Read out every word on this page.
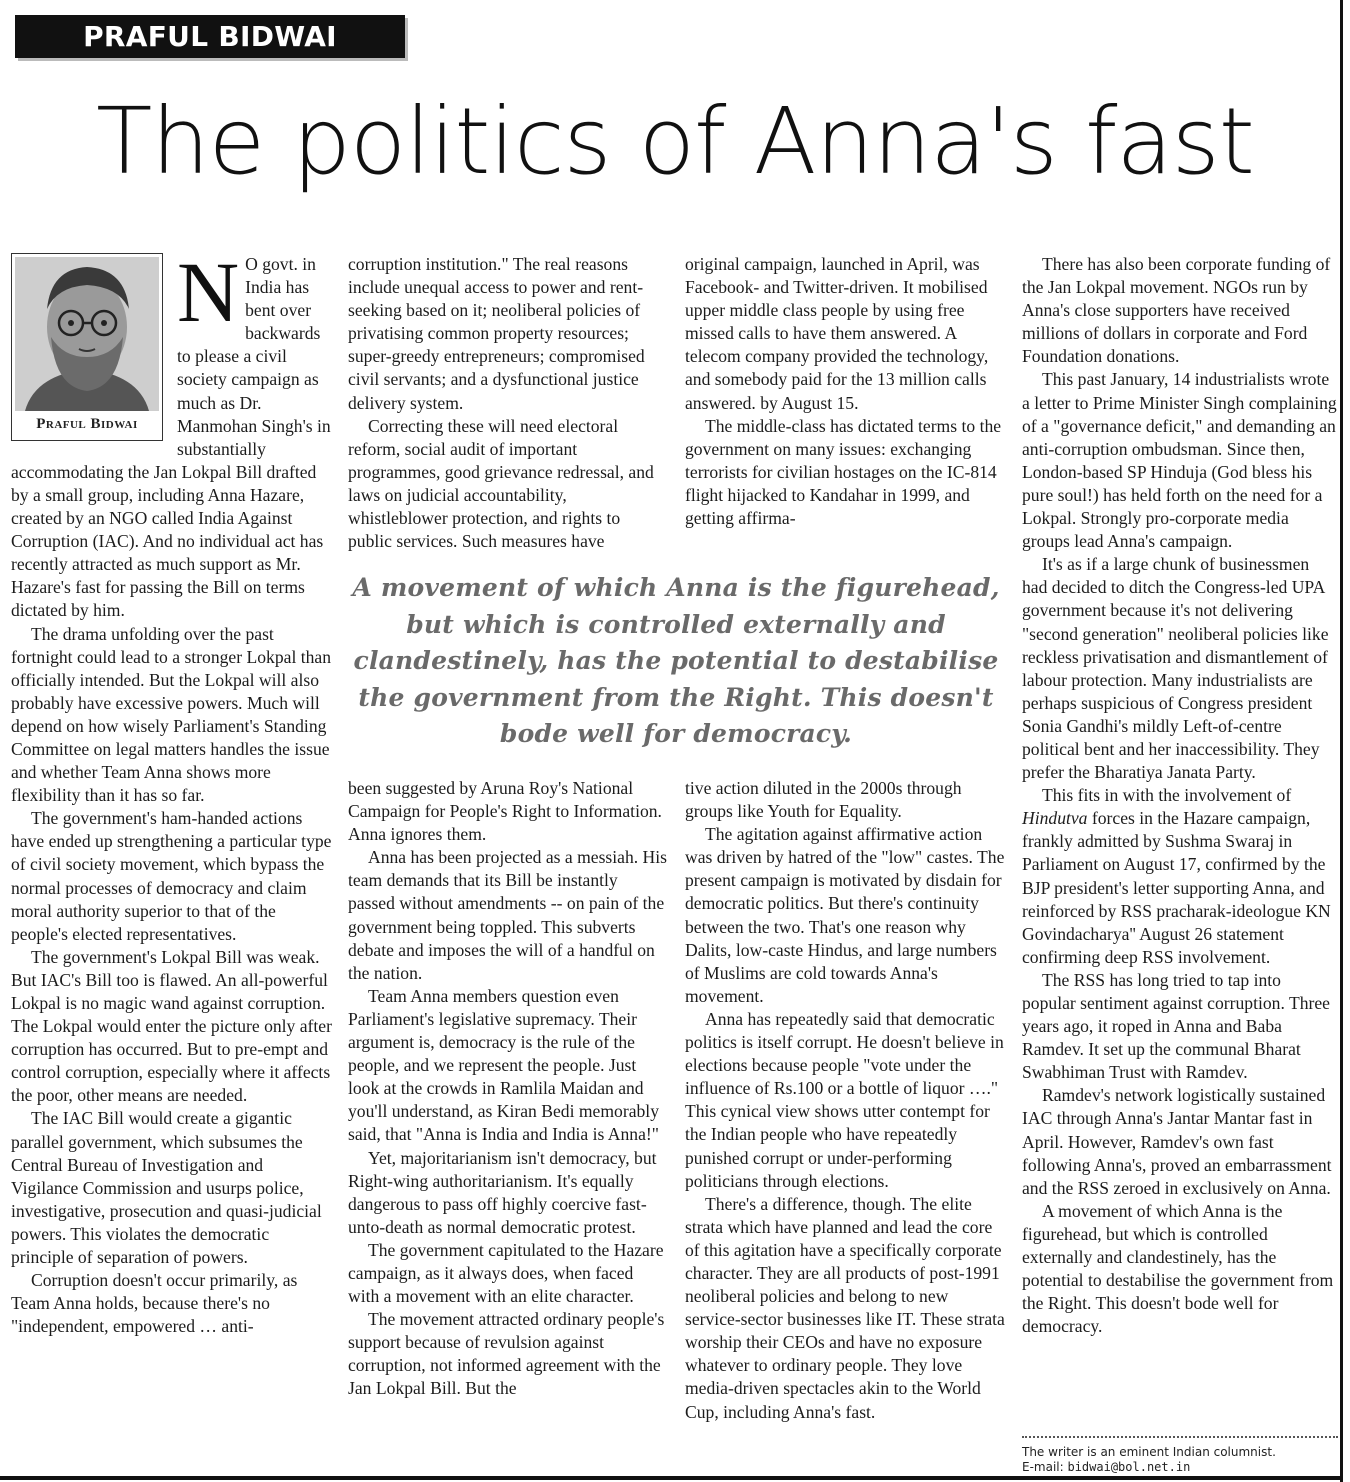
PRAFUL BIDWAI COLUMN
The politics of Anna's fast
Praful Bidwai
N O govt. in India has bent over backwards to please a civil society campaign as much as Dr. Manmohan Singh's in substantially accommodating the Jan Lokpal Bill drafted by a small group, including Anna Hazare, created by an NGO called India Against Corruption (IAC). And no individual act has recently attracted as much support as Mr. Hazare's fast for passing the Bill on terms dictated by him.

The drama unfolding over the past fortnight could lead to a stronger Lokpal than officially intended. But the Lokpal will also probably have excessive powers. Much will depend on how wisely Parliament's Standing Committee on legal matters handles the issue and whether Team Anna shows more flexibility than it has so far.

The government's ham-handed actions have ended up strengthening a particular type of civil society movement, which bypass the normal processes of democracy and claim moral authority superior to that of the people's elected representatives.

The government's Lokpal Bill was weak. But IAC's Bill too is flawed. An all-powerful Lokpal is no magic wand against corruption. The Lokpal would enter the picture only after corruption has occurred. But to pre-empt and control corruption, especially where it affects the poor, other means are needed.

The IAC Bill would create a gigantic parallel government, which subsumes the Central Bureau of Investigation and Vigilance Commission and usurps police, investigative, prosecution and quasi-judicial powers. This violates the democratic principle of separation of powers.

Corruption doesn't occur primarily, as Team Anna holds, because there's no "independent, empowered … anti-

corruption institution." The real reasons include unequal access to power and rent-seeking based on it; neoliberal policies of privatising common property resources; super-greedy entrepreneurs; compromised civil servants; and a dysfunctional justice delivery system.

Correcting these will need electoral reform, social audit of important programmes, good grievance redressal, and laws on judicial accountability, whistleblower protection, and rights to public services. Such measures have

original campaign, launched in April, was Facebook- and Twitter-driven. It mobilised upper middle class people by using free missed calls to have them answered. A telecom company provided the technology, and somebody paid for the 13 million calls answered. by August 15.

The middle-class has dictated terms to the government on many issues: exchanging terrorists for civilian hostages on the IC-814 flight hijacked to Kandahar in 1999, and getting affirma-

A movement of which Anna is the figurehead, but which is controlled externally and clandestinely, has the potential to destabilise the government from the Right. This doesn't bode well for democracy.

been suggested by Aruna Roy's National Campaign for People's Right to Information. Anna ignores them.

Anna has been projected as a messiah. His team demands that its Bill be instantly passed without amendments -- on pain of the government being toppled. This subverts debate and imposes the will of a handful on the nation.

Team Anna members question even Parliament's legislative supremacy. Their argument is, democracy is the rule of the people, and we represent the people. Just look at the crowds in Ramlila Maidan and you'll understand, as Kiran Bedi memorably said, that "Anna is India and India is Anna!"

Yet, majoritarianism isn't democracy, but Right-wing authoritarianism. It's equally dangerous to pass off highly coercive fast-unto-death as normal democratic protest.

The government capitulated to the Hazare campaign, as it always does, when faced with a movement with an elite character.

The movement attracted ordinary people's support because of revulsion against corruption, not informed agreement with the Jan Lokpal Bill. But the

tive action diluted in the 2000s through groups like Youth for Equality.

The agitation against affirmative action was driven by hatred of the "low" castes. The present campaign is motivated by disdain for democratic politics. But there's continuity between the two. That's one reason why Dalits, low-caste Hindus, and large numbers of Muslims are cold towards Anna's movement.

Anna has repeatedly said that democratic politics is itself corrupt. He doesn't believe in elections because people "vote under the influence of Rs.100 or a bottle of liquor …." This cynical view shows utter contempt for the Indian people who have repeatedly punished corrupt or under-performing politicians through elections.

There's a difference, though. The elite strata which have planned and lead the core of this agitation have a specifically corporate character. They are all products of post-1991 neoliberal policies and belong to new service-sector businesses like IT. These strata worship their CEOs and have no exposure whatever to ordinary people. They love media-driven spectacles akin to the World Cup, including Anna's fast.

There has also been corporate funding of the Jan Lokpal movement. NGOs run by Anna's close supporters have received millions of dollars in corporate and Ford Foundation donations.

This past January, 14 industrialists wrote a letter to Prime Minister Singh complaining of a "governance deficit," and demanding an anti-corruption ombudsman. Since then, London-based SP Hinduja (God bless his pure soul!) has held forth on the need for a Lokpal. Strongly pro-corporate media groups lead Anna's campaign.

It's as if a large chunk of businessmen had decided to ditch the Congress-led UPA government because it's not delivering "second generation" neoliberal policies like reckless privatisation and dismantlement of labour protection. Many industrialists are perhaps suspicious of Congress president Sonia Gandhi's mildly Left-of-centre political bent and her inaccessibility. They prefer the Bharatiya Janata Party.

This fits in with the involvement of Hindutva forces in the Hazare campaign, frankly admitted by Sushma Swaraj in Parliament on August 17, confirmed by the BJP president's letter supporting Anna, and reinforced by RSS pracharak-ideologue KN Govindacharya'' August 26 statement confirming deep RSS involvement.

The RSS has long tried to tap into popular sentiment against corruption. Three years ago, it roped in Anna and Baba Ramdev. It set up the communal Bharat Swabhiman Trust with Ramdev.

Ramdev's network logistically sustained IAC through Anna's Jantar Mantar fast in April. However, Ramdev's own fast following Anna's, proved an embarrassment and the RSS zeroed in exclusively on Anna.

A movement of which Anna is the figurehead, but which is controlled externally and clandestinely, has the potential to destabilise the government from the Right. This doesn't bode well for democracy.

The writer is an eminent Indian columnist.
E-mail: bidwai@bol.net.in
